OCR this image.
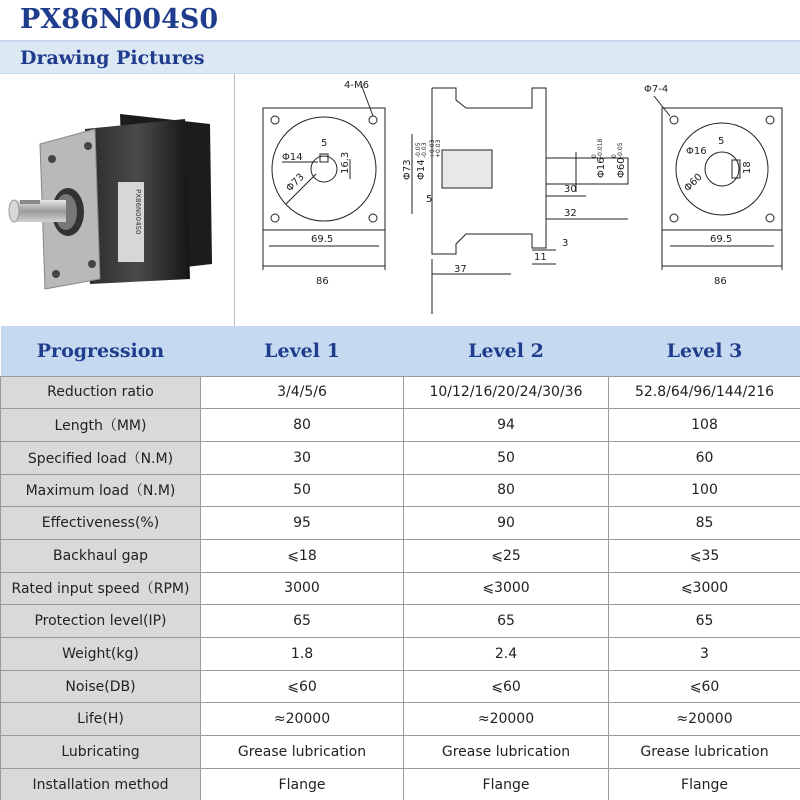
PX86N004S0
Drawing Pictures
PX86N004S0
4-M6
Φ14
5
16.3
Φ73
69.5
86
Φ73
-0.05 -0.03
Φ14
+0.03 +0.03
5
30
Φ16
0 -0.018
Φ60
0 -0.05
32
3
11
37
Φ7-4
Φ16
5
18
Φ60
69.5
86
Progression	Level 1	Level 2	Level 3
Reduction ratio	3/4/5/6	10/12/16/20/24/30/36	52.8/64/96/144/216
Length（MM)	80	94	108
Specified load（N.M)	30	50	60
Maximum load（N.M)	50	80	100
Effectiveness(%)	95	90	85
Backhaul gap	⩽18	⩽25	⩽35
Rated input speed（RPM)	3000	⩽3000	⩽3000
Protection level(IP)	65	65	65
Weight(kg)	1.8	2.4	3
Noise(DB)	⩽60	⩽60	⩽60
Life(H)	≈20000	≈20000	≈20000
Lubricating	Grease lubrication	Grease lubrication	Grease lubrication
Installation method	Flange	Flange	Flange
